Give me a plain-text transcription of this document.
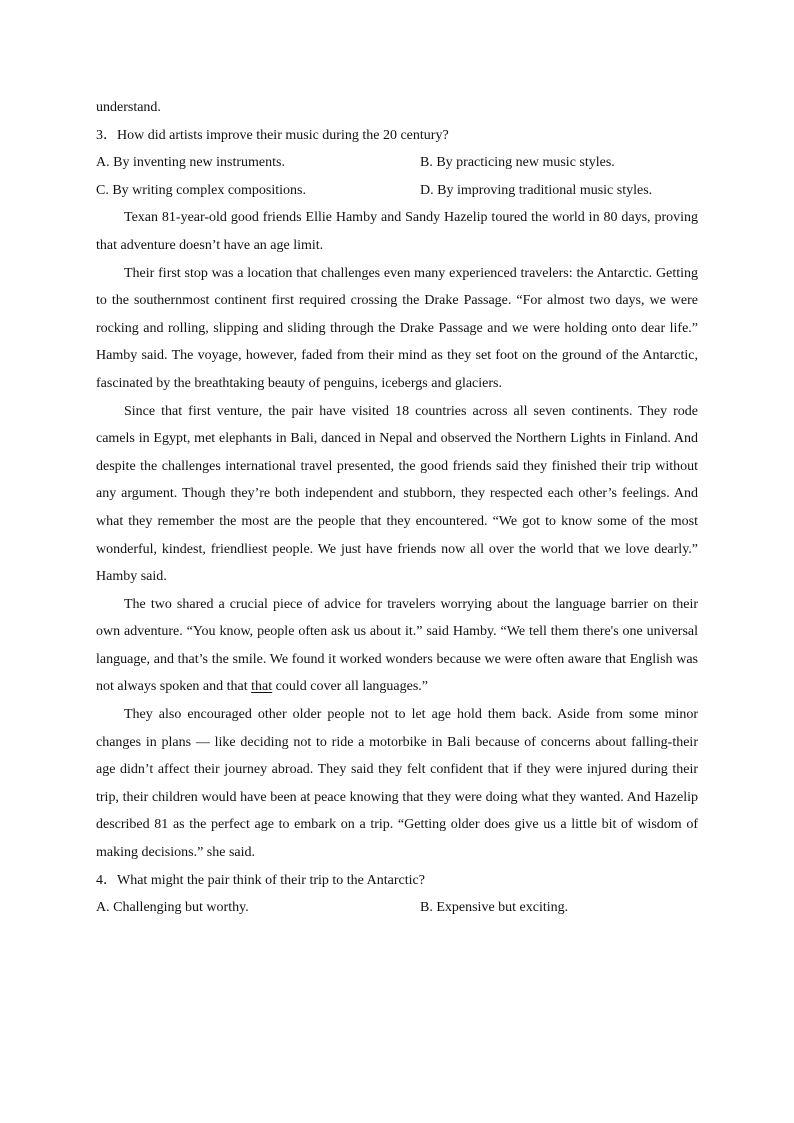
understand.

3．How did artists improve their music during the 20 century?

A. By inventing new instruments.	B. By practicing new music styles.
C. By writing complex compositions.	D. By improving traditional music styles.

Texan 81-year-old good friends Ellie Hamby and Sandy Hazelip toured the world in 80 days, proving that adventure doesn’t have an age limit.

Their first stop was a location that challenges even many experienced travelers: the Antarctic. Getting to the southernmost continent first required crossing the Drake Passage. “For almost two days, we were rocking and rolling, slipping and sliding through the Drake Passage and we were holding onto dear life.” Hamby said. The voyage, however, faded from their mind as they set foot on the ground of the Antarctic, fascinated by the breathtaking beauty of penguins, icebergs and glaciers.

Since that first venture, the pair have visited 18 countries across all seven continents. They rode camels in Egypt, met elephants in Bali, danced in Nepal and observed the Northern Lights in Finland. And despite the challenges international travel presented, the good friends said they finished their trip without any argument. Though they’re both independent and stubborn, they respected each other’s feelings. And what they remember the most are the people that they encountered. “We got to know some of the most wonderful, kindest, friendliest people. We just have friends now all over the world that we love dearly.” Hamby said.

The two shared a crucial piece of advice for travelers worrying about the language barrier on their own adventure. “You know, people often ask us about it.” said Hamby. “We tell them there's one universal language, and that’s the smile. We found it worked wonders because we were often aware that English was not always spoken and that that could cover all languages.”

They also encouraged other older people not to let age hold them back. Aside from some minor changes in plans — like deciding not to ride a motorbike in Bali because of concerns about falling-their age didn’t affect their journey abroad. They said they felt confident that if they were injured during their trip, their children would have been at peace knowing that they were doing what they wanted. And Hazelip described 81 as the perfect age to embark on a trip. “Getting older does give us a little bit of wisdom of making decisions.” she said.

4．What might the pair think of their trip to the Antarctic?

A. Challenging but worthy.	B. Expensive but exciting.
